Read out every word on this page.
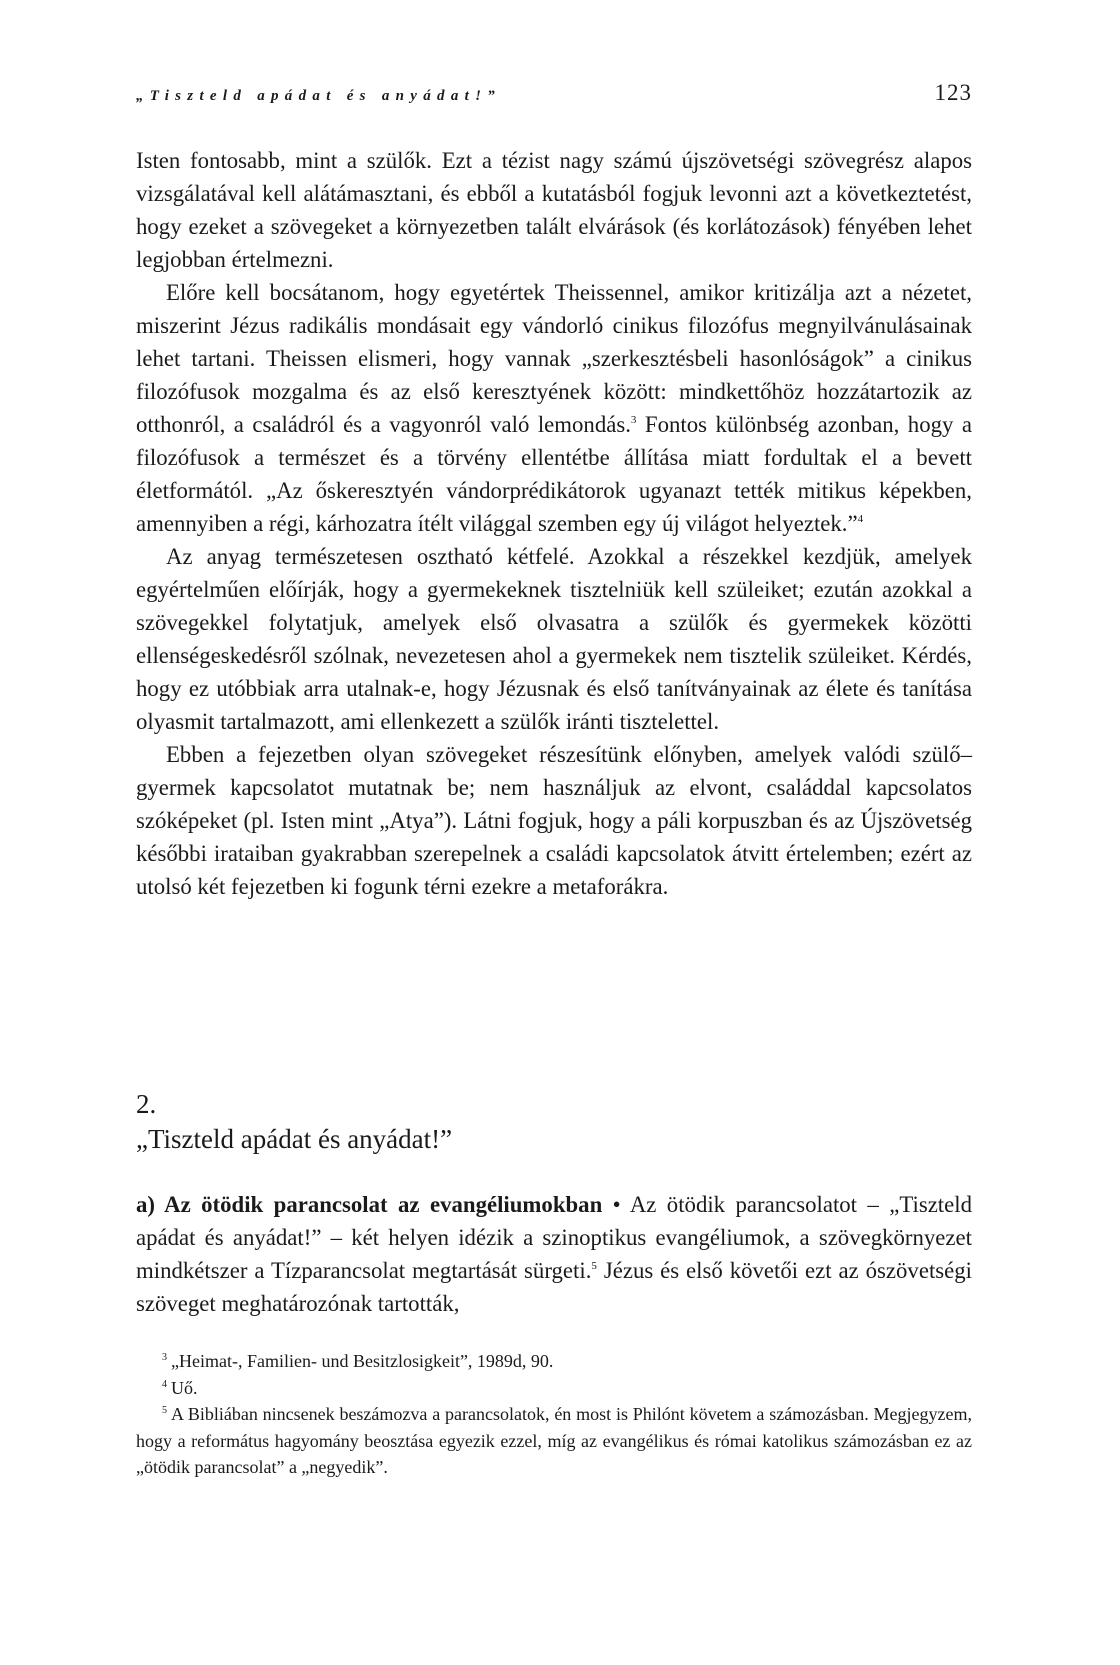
„Tiszteld apádat és anyádat!”	123

Isten fontosabb, mint a szülők. Ezt a tézist nagy számú újszövetségi szövegrész alapos vizsgálatával kell alátámasztani, és ebből a kutatásból fogjuk levonni azt a következtetést, hogy ezeket a szövegeket a környezetben talált elvárások (és korlátozások) fényében lehet legjobban értelmezni.

Előre kell bocsátanom, hogy egyetértek Theissennel, amikor kritizálja azt a nézetet, miszerint Jézus radikális mondásait egy vándorló cinikus filozófus megnyilvánulásainak lehet tartani. Theissen elismeri, hogy vannak „szerkesztésbeli hasonlóságok” a cinikus filozófusok mozgalma és az első keresztyének között: mindkettőhöz hozzátartozik az otthonról, a családról és a vagyonról való lemondás.$^3$ Fontos különbség azonban, hogy a filozófusok a természet és a törvény ellentétbe állítása miatt fordultak el a bevett életformától. „Az őskeresztyén vándorprédikátorok ugyanazt tették mitikus képekben, amennyiben a régi, kárhozatra ítélt világgal szemben egy új világot helyeztek.”$^4$

Az anyag természetesen osztható kétfelé. Azokkal a részekkel kezdjük, amelyek egyértelműen előírják, hogy a gyermekeknek tisztelniük kell szüleiket; ezután azokkal a szövegekkel folytatjuk, amelyek első olvasatra a szülők és gyermekek közötti ellenségeskedésről szólnak, nevezetesen ahol a gyermekek nem tisztelik szüleiket. Kérdés, hogy ez utóbbiak arra utalnak-e, hogy Jézusnak és első tanítványainak az élete és tanítása olyasmit tartalmazott, ami ellenkezett a szülők iránti tisztelettel.

Ebben a fejezetben olyan szövegeket részesítünk előnyben, amelyek valódi szülő–gyermek kapcsolatot mutatnak be; nem használjuk az elvont, családdal kapcsolatos szóképeket (pl. Isten mint „Atya”). Látni fogjuk, hogy a páli korpuszban és az Újszövetség későbbi irataiban gyakrabban szerepelnek a családi kapcsolatok átvitt értelemben; ezért az utolsó két fejezetben ki fogunk térni ezekre a metaforákra.

2.
„Tiszteld apádat és anyádat!”

a) Az ötödik parancsolat az evangéliumokban • Az ötödik parancsolatot – „Tiszteld apádat és anyádat!” – két helyen idézik a szinoptikus evangéliumok, a szövegkörnyezet mindkétszer a Tízparancsolat megtartását sürgeti.$^5$ Jézus és első követői ezt az ószövetségi szöveget meghatározónak tartották,

$^3$ „Heimat-, Familien- und Besitzlosigkeit”, 1989d, 90.

$^4$ Uő.

$^5$ A Bibliában nincsenek beszámozva a parancsolatok, én most is Philónt követem a számozásban. Megjegyzem, hogy a református hagyomány beosztása egyezik ezzel, míg az evangélikus és római katolikus számozásban ez az „ötödik parancsolat” a „negyedik”.
